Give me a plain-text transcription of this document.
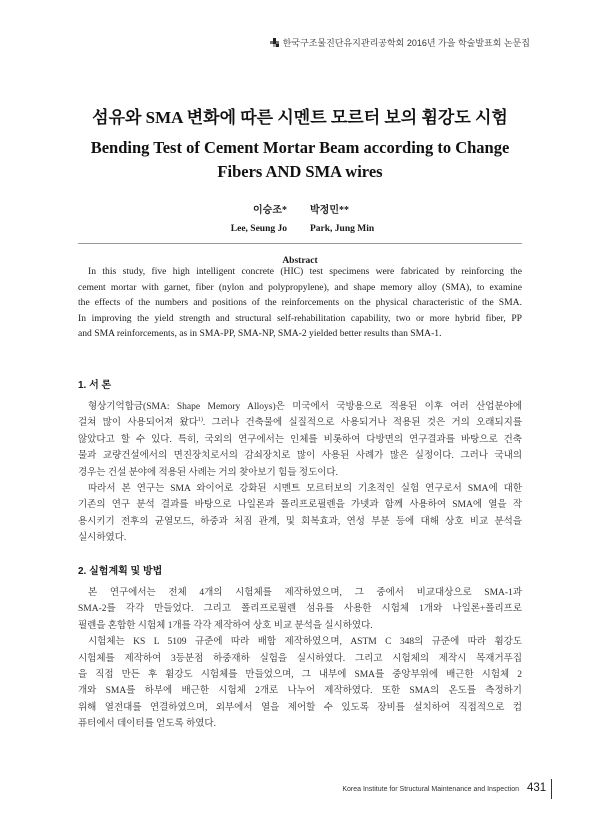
한국구조물진단유지관리공학회 2016년 가을 학술발표회 논문집
섬유와 SMA 변화에 따른 시멘트 모르터 보의 휨강도 시험
Bending Test of Cement Mortar Beam according to Change
Fibers AND SMA wires
이승조*
Lee, Seung Jo
박정민**
Park, Jung Min
Abstract
In this study, five high intelligent concrete (HIC) test specimens were fabricated by reinforcing the
cement mortar with garnet, fiber (nylon and polypropylene), and shape memory alloy (SMA), to examine
the effects of the numbers and positions of the reinforcements on the physical characteristic of the SMA.
In improving the yield strength and structural self-rehabilitation capability, two or more hybrid fiber, PP
and SMA reinforcements, as in SMA-PP, SMA-NP, SMA-2 yielded better results than SMA-1.
1. 서 론
형상기억합금(SMA: Shape Memory Alloys)은 미국에서 국방용으로 적용된 이후 여러 산업분야에
걸쳐 많이 사용되어져 왔다$^{1)}$. 그러나 건축물에 실질적으로 사용되거나 적용된 것은 거의 오래되지를
않았다고 할 수 있다. 특히, 국외의 연구에서는 인체를 비롯하여 다방면의 연구결과를 바탕으로 건축
물과 교량건설에서의 면진장치로서의 감쇠장치로 많이 사용된 사례가 많은 실정이다. 그러나 국내의
경우는 건설 분야에 적용된 사례는 거의 찾아보기 힘들 정도이다.
따라서 본 연구는 SMA 와이어로 강화된 시멘트 모르터보의 기초적인 실험 연구로서 SMA에 대한
기존의 연구 분석 결과를 바탕으로 나일론과 폴리프로필렌을 가넷과 함께 사용하여 SMA에 열을 작
용시키기 전후의 균열모드, 하중과 처짐 관계, 및 회복효과, 연성 부분 등에 대해 상호 비교 분석을
실시하였다.
2. 실험계획 및 방법
본 연구에서는 전체 4개의 시험체를 제작하였으며, 그 중에서 비교대상으로 SMA-1과
SMA-2를 각각 만들었다. 그리고 폴리프로필렌 섬유를 사용한 시험체 1개와 나일론+폴리프로
필렌을 혼합한 시험체 1개를 각각 제작하여 상호 비교 분석을 실시하였다.
시험체는 KS L 5109 규준에 따라 배합 제작하였으며, ASTM C 348의 규준에 따라 휨강도
시험체를 제작하여 3등분점 하중재하 실험을 실시하였다. 그리고 시험체의 제작시 목재거푸집
을 직접 만든 후 휨강도 시험체를 만들었으며, 그 내부에 SMA를 중앙부위에 배근한 시험체 2
개와 SMA를 하부에 배근한 시험체 2개로 나누어 제작하였다. 또한 SMA의 온도를 측정하기
위해 열전대를 연결하였으며, 외부에서 열을 제어할 수 있도록 장비를 설치하여 직접적으로 컴
퓨터에서 데이터를 얻도록 하였다.
Korea Institute for Structural Maintenance and Inspection 431
